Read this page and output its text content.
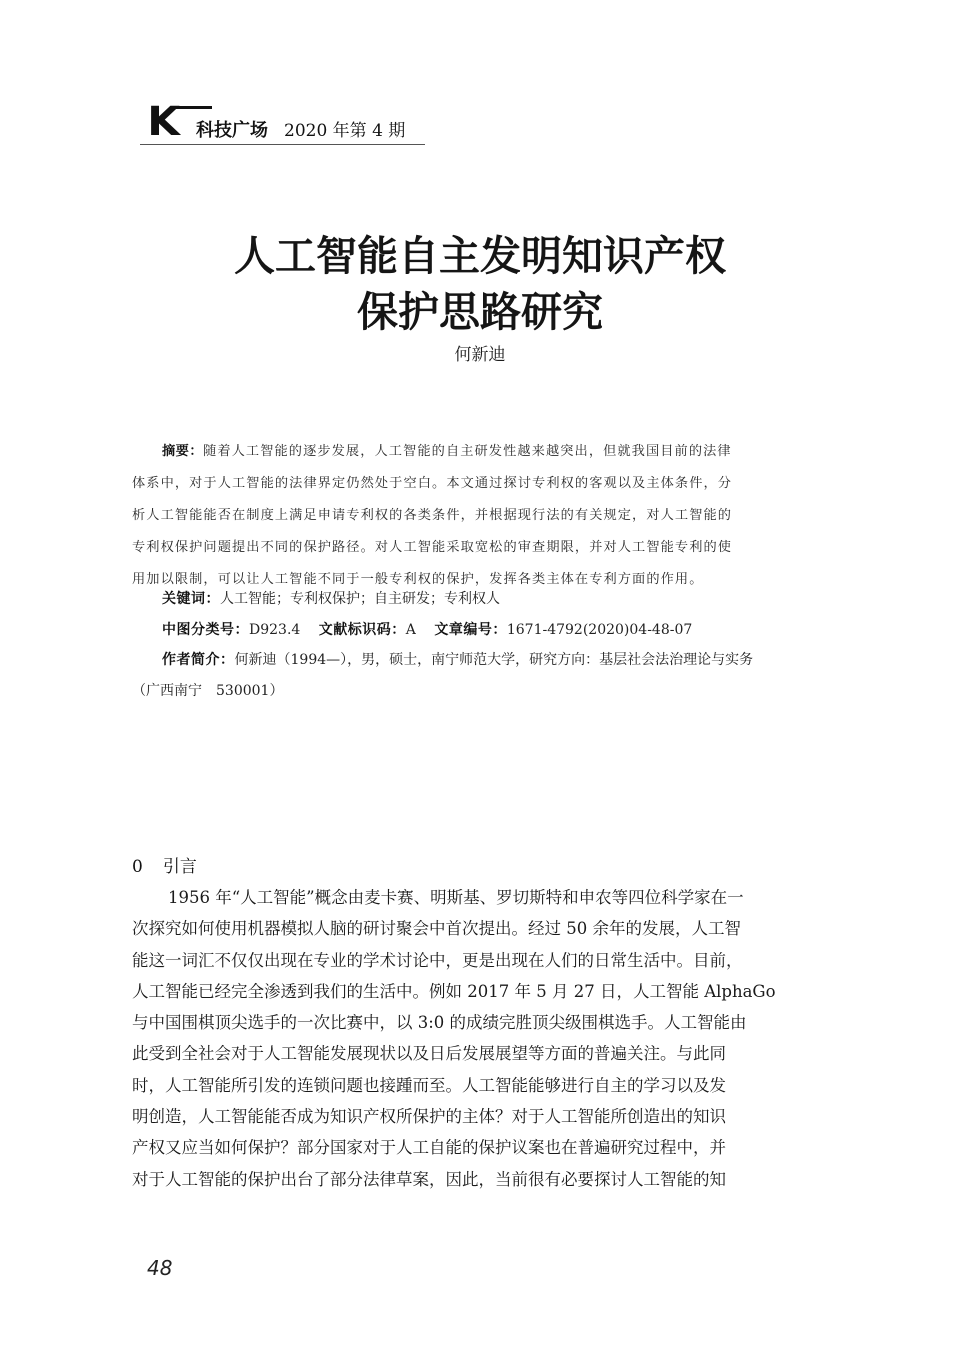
K 科技广场 2020 年第 4 期
人工智能自主发明知识产权
保护思路研究
何新迪
摘要：随着人工智能的逐步发展，人工智能的自主研发性越来越突出，但就我国目前的法律
体系中，对于人工智能的法律界定仍然处于空白。本文通过探讨专利权的客观以及主体条件，分
析人工智能能否在制度上满足申请专利权的各类条件，并根据现行法的有关规定，对人工智能的
专利权保护问题提出不同的保护路径。对人工智能采取宽松的审查期限，并对人工智能专利的使
用加以限制，可以让人工智能不同于一般专利权的保护，发挥各类主体在专利方面的作用。
关键词：人工智能；专利权保护；自主研发；专利权人
中图分类号：D923.4 文献标识码：A 文章编号：1671-4792(2020)04-48-07
作者简介：何新迪（1994—），男，硕士，南宁师范大学，研究方向：基层社会法治理论与实务
（广西南宁　530001）
0 引言
1956 年“人工智能”概念由麦卡赛、明斯基、罗切斯特和申农等四位科学家在一
次探究如何使用机器模拟人脑的研讨聚会中首次提出。经过 50 余年的发展，人工智
能这一词汇不仅仅出现在专业的学术讨论中，更是出现在人们的日常生活中。目前，
人工智能已经完全渗透到我们的生活中。例如 2017 年 5 月 27 日，人工智能 AlphaGo
与中国围棋顶尖选手的一次比赛中，以 3:0 的成绩完胜顶尖级围棋选手。人工智能由
此受到全社会对于人工智能发展现状以及日后发展展望等方面的普遍关注。与此同
时，人工智能所引发的连锁问题也接踵而至。人工智能能够进行自主的学习以及发
明创造，人工智能能否成为知识产权所保护的主体？对于人工智能所创造出的知识
产权又应当如何保护？部分国家对于人工自能的保护议案也在普遍研究过程中，并
对于人工智能的保护出台了部分法律草案，因此，当前很有必要探讨人工智能的知
48
